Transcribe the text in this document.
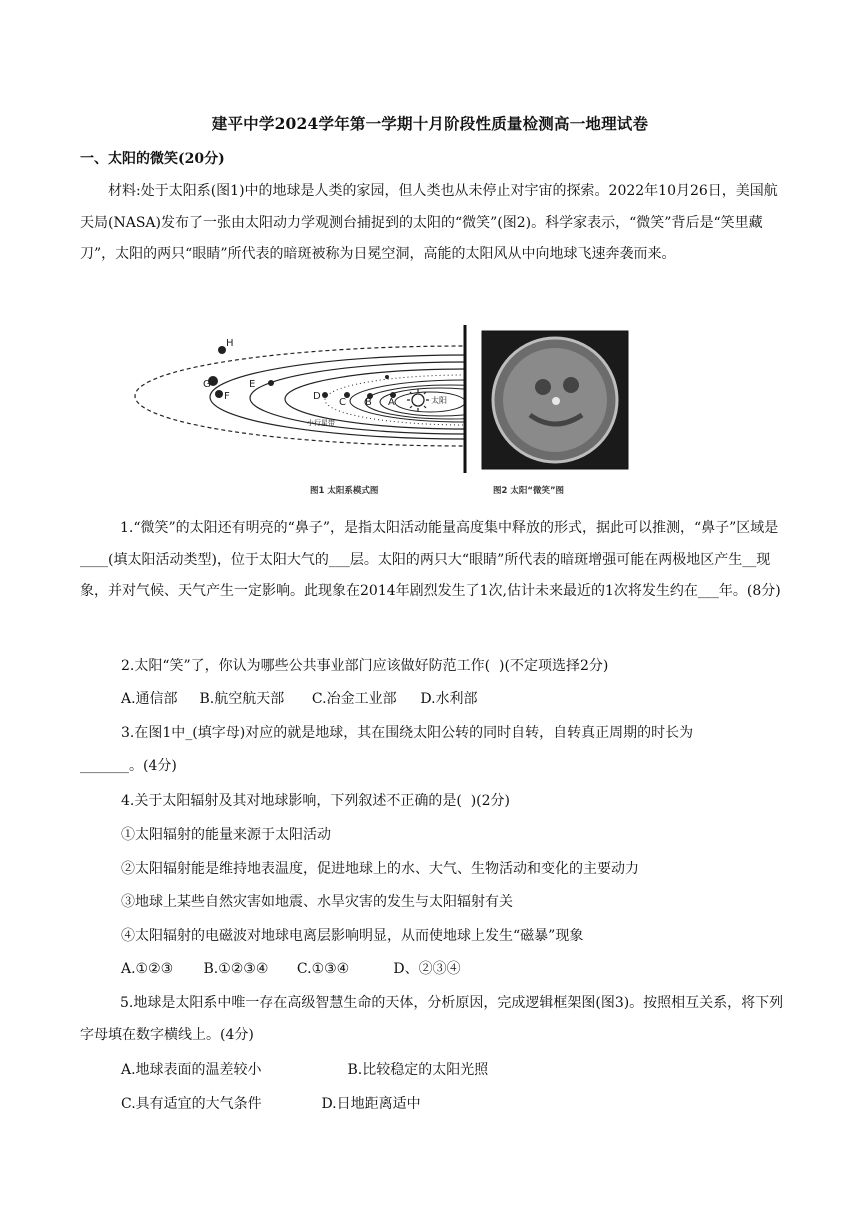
建平中学2024学年第一学期十月阶段性质量检测高一地理试卷
一、太阳的微笑(20分)
材料:处于太阳系(图1)中的地球是人类的家园，但人类也从未停止对宇宙的探索。2022年10月26日，美国航天局(NASA)发布了一张由太阳动力学观测台捕捉到的太阳的“微笑”(图2)。科学家表示，“微笑”背后是“笑里藏刀”，太阳的两只“眼睛”所代表的暗斑被称为日冕空洞，高能的太阳风从中向地球飞速奔袭而来。
H
G	E
F	D
C B A	太阳
小行星带
图1 太阳系模式图	图2 太阳“微笑”图
1.“微笑”的太阳还有明亮的“鼻子”，是指太阳活动能量高度集中释放的形式，据此可以推测，“鼻子”区域是____(填太阳活动类型)，位于太阳大气的___层。太阳的两只大“眼睛”所代表的暗斑增强可能在两极地区产生__现象，并对气候、天气产生一定影响。此现象在2014年剧烈发生了1次,估计未来最近的1次将发生约在___年。(8分)
2.太阳“笑”了，你认为哪些公共事业部门应该做好防范工作(  )(不定项选择2分)
A.通信部 B.航空航天部 C.冶金工业部 D.水利部
3.在图1中_(填字母)对应的就是地球，其在围绕太阳公转的同时自转，自转真正周期的时长为
_______。(4分)
4.关于太阳辐射及其对地球影响，下列叙述不正确的是(  )(2分)
①太阳辐射的能量来源于太阳活动
②太阳辐射能是维持地表温度，促进地球上的水、大气、生物活动和变化的主要动力
③地球上某些自然灾害如地震、水旱灾害的发生与太阳辐射有关
④太阳辐射的电磁波对地球电离层影响明显，从而使地球上发生“磁暴”现象
A.①②③ B.①②③④ C.①③④	D、②③④
5.地球是太阳系中唯一存在高级智慧生命的天体，分析原因，完成逻辑框架图(图3)。按照相互关系，将下列字母填在数字横线上。(4分)
A.地球表面的温差较小	B.比较稳定的太阳光照
C.具有适宜的大气条件	D.日地距离适中
